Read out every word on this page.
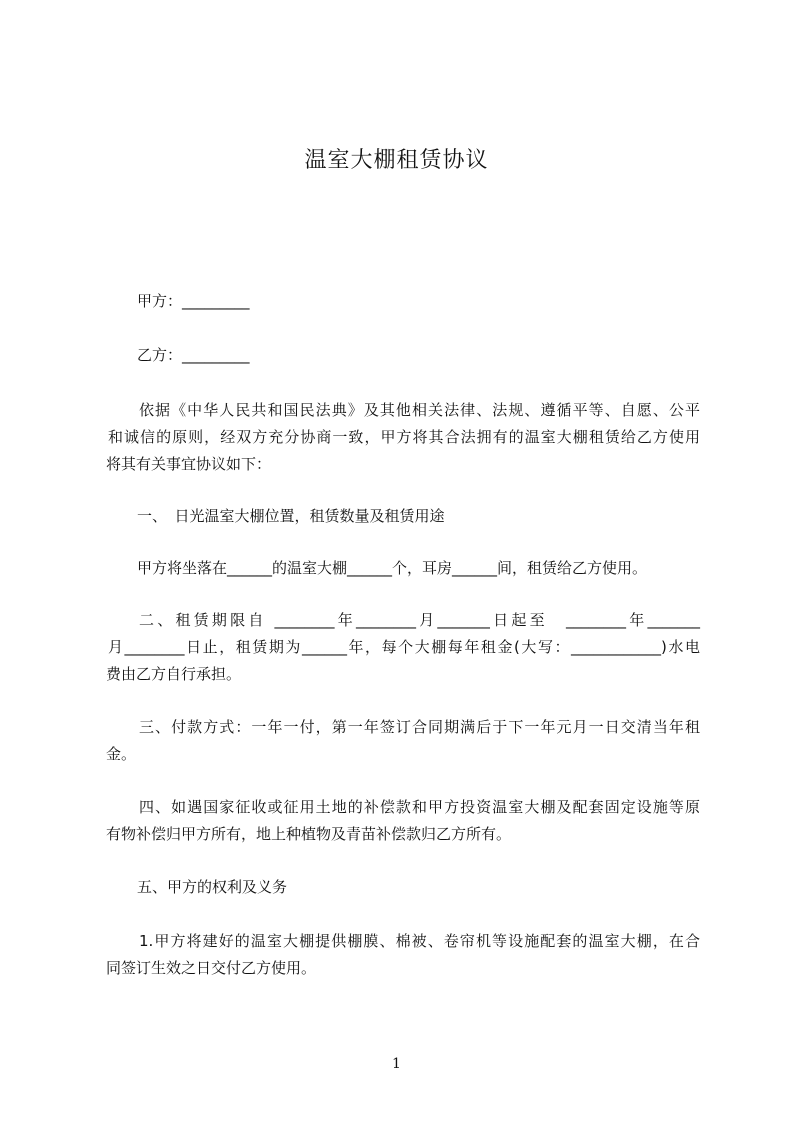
温室大棚租赁协议
甲方：_________
乙方：_________
依据《中华人民共和国民法典》及其他相关法律、法规、遵循平等、自愿、公平
和诚信的原则，经双方充分协商一致，甲方将其合法拥有的温室大棚租赁给乙方使用
将其有关事宜协议如下：
一、　日光温室大棚位置，租赁数量及租赁用途
甲方将坐落在______的温室大棚______个，耳房______间，租赁给乙方使用。
二、租赁期限自 ________年________月_______日起至　________年_______
月________日止，租赁期为______年，每个大棚每年租金(大写：____________)水电
费由乙方自行承担。
三、付款方式：一年一付，第一年签订合同期满后于下一年元月一日交清当年租
金。
四、如遇国家征收或征用土地的补偿款和甲方投资温室大棚及配套固定设施等原
有物补偿归甲方所有，地上种植物及青苗补偿款归乙方所有。
五、甲方的权利及义务
1.甲方将建好的温室大棚提供棚膜、棉被、卷帘机等设施配套的温室大棚，在合
同签订生效之日交付乙方使用。
1
